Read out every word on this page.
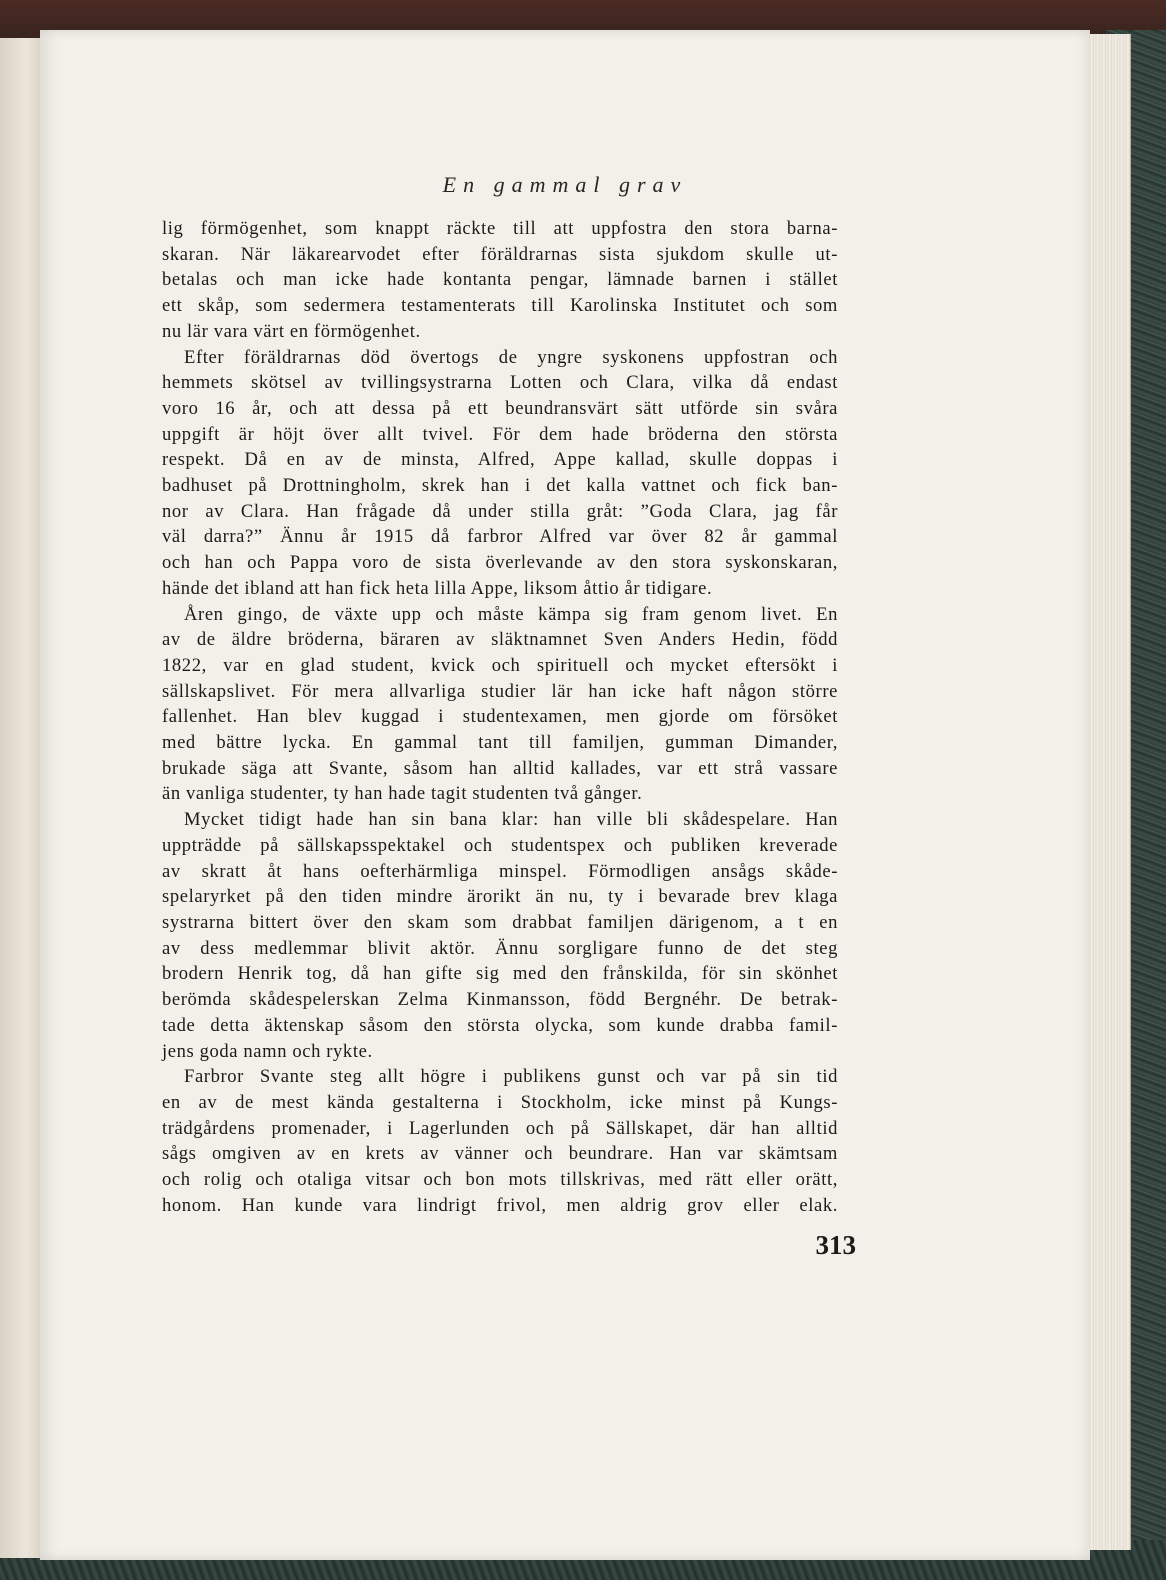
En gammal grav

lig förmögenhet, som knappt räckte till att uppfostra den stora barna-
skaran. När läkarearvodet efter föräldrarnas sista sjukdom skulle ut-
betalas och man icke hade kontanta pengar, lämnade barnen i stället
ett skåp, som sedermera testamenterats till Karolinska Institutet och som
nu lär vara värt en förmögenhet.

Efter föräldrarnas död övertogs de yngre syskonens uppfostran och
hemmets skötsel av tvillingsystrarna Lotten och Clara, vilka då endast
voro 16 år, och att dessa på ett beundransvärt sätt utförde sin svåra
uppgift är höjt över allt tvivel. För dem hade bröderna den största
respekt. Då en av de minsta, Alfred, Appe kallad, skulle doppas i
badhuset på Drottningholm, skrek han i det kalla vattnet och fick ban-
nor av Clara. Han frågade då under stilla gråt: ”Goda Clara, jag får
väl darra?” Ännu år 1915 då farbror Alfred var över 82 år gammal
och han och Pappa voro de sista överlevande av den stora syskonskaran,
hände det ibland att han fick heta lilla Appe, liksom åttio år tidigare.

Åren gingo, de växte upp och måste kämpa sig fram genom livet. En
av de äldre bröderna, bäraren av släktnamnet Sven Anders Hedin, född
1822, var en glad student, kvick och spirituell och mycket eftersökt i
sällskapslivet. För mera allvarliga studier lär han icke haft någon större
fallenhet. Han blev kuggad i studentexamen, men gjorde om försöket
med bättre lycka. En gammal tant till familjen, gumman Dimander,
brukade säga att Svante, såsom han alltid kallades, var ett strå vassare
än vanliga studenter, ty han hade tagit studenten två gånger.

Mycket tidigt hade han sin bana klar: han ville bli skådespelare. Han
uppträdde på sällskapsspektakel och studentspex och publiken kreverade
av skratt åt hans oefterhärmliga minspel. Förmodligen ansågs skåde-
spelaryrket på den tiden mindre ärorikt än nu, ty i bevarade brev klaga
systrarna bittert över den skam som drabbat familjen därigenom, a t en
av dess medlemmar blivit aktör. Ännu sorgligare funno de det steg
brodern Henrik tog, då han gifte sig med den frånskilda, för sin skönhet
berömda skådespelerskan Zelma Kinmansson, född Bergnéhr. De betrak-
tade detta äktenskap såsom den största olycka, som kunde drabba famil-
jens goda namn och rykte.

Farbror Svante steg allt högre i publikens gunst och var på sin tid
en av de mest kända gestalterna i Stockholm, icke minst på Kungs-
trädgårdens promenader, i Lagerlunden och på Sällskapet, där han alltid
sågs omgiven av en krets av vänner och beundrare. Han var skämtsam
och rolig och otaliga vitsar och bon mots tillskrivas, med rätt eller orätt,
honom. Han kunde vara lindrigt frivol, men aldrig grov eller elak.

313
